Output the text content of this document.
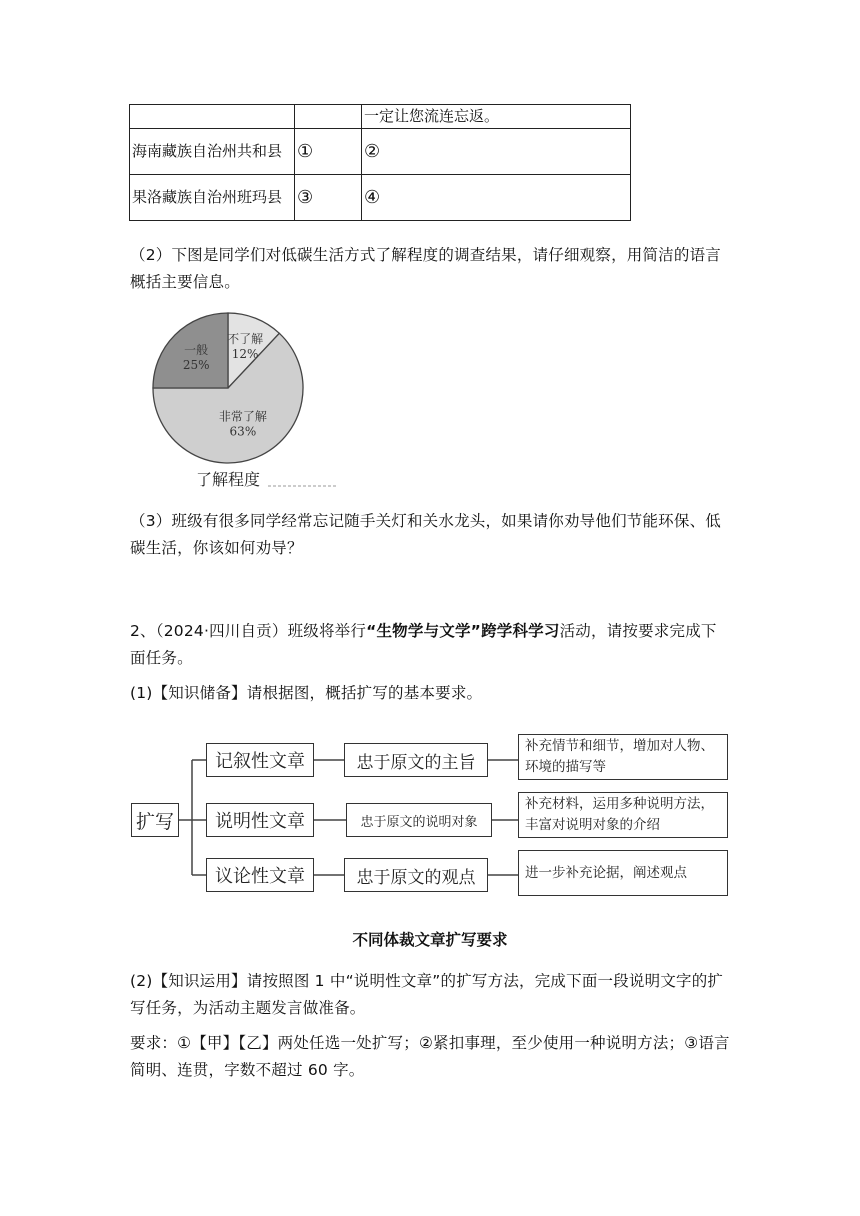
		一定让您流连忘返。
海南藏族自治州共和县	①	②
果洛藏族自治州班玛县	③	④
（2）下图是同学们对低碳生活方式了解程度的调查结果，请仔细观察，用简洁的语言概括主要信息。
不了解
12%
非常了解
63%
一般
25%
了解程度
（3）班级有很多同学经常忘记随手关灯和关水龙头，如果请你劝导他们节能环保、低碳生活，你该如何劝导？
2、（2024·四川自贡）班级将举行“生物学与文学”跨学科学习活动，请按要求完成下面任务。
(1)【知识储备】请根据图，概括扩写的基本要求。
扩写
记叙性文章
说明性文章
议论性文章
忠于原文的主旨
忠于原文的说明对象
忠于原文的观点
补充情节和细节，增加对人物、环境的描写等
补充材料，运用多种说明方法，丰富对说明对象的介绍
进一步补充论据，阐述观点
不同体裁文章扩写要求
(2)【知识运用】请按照图 1 中“说明性文章”的扩写方法，完成下面一段说明文字的扩写任务，为活动主题发言做准备。
要求：①【甲】【乙】两处任选一处扩写；②紧扣事理，至少使用一种说明方法；③语言简明、连贯，字数不超过 60 字。
